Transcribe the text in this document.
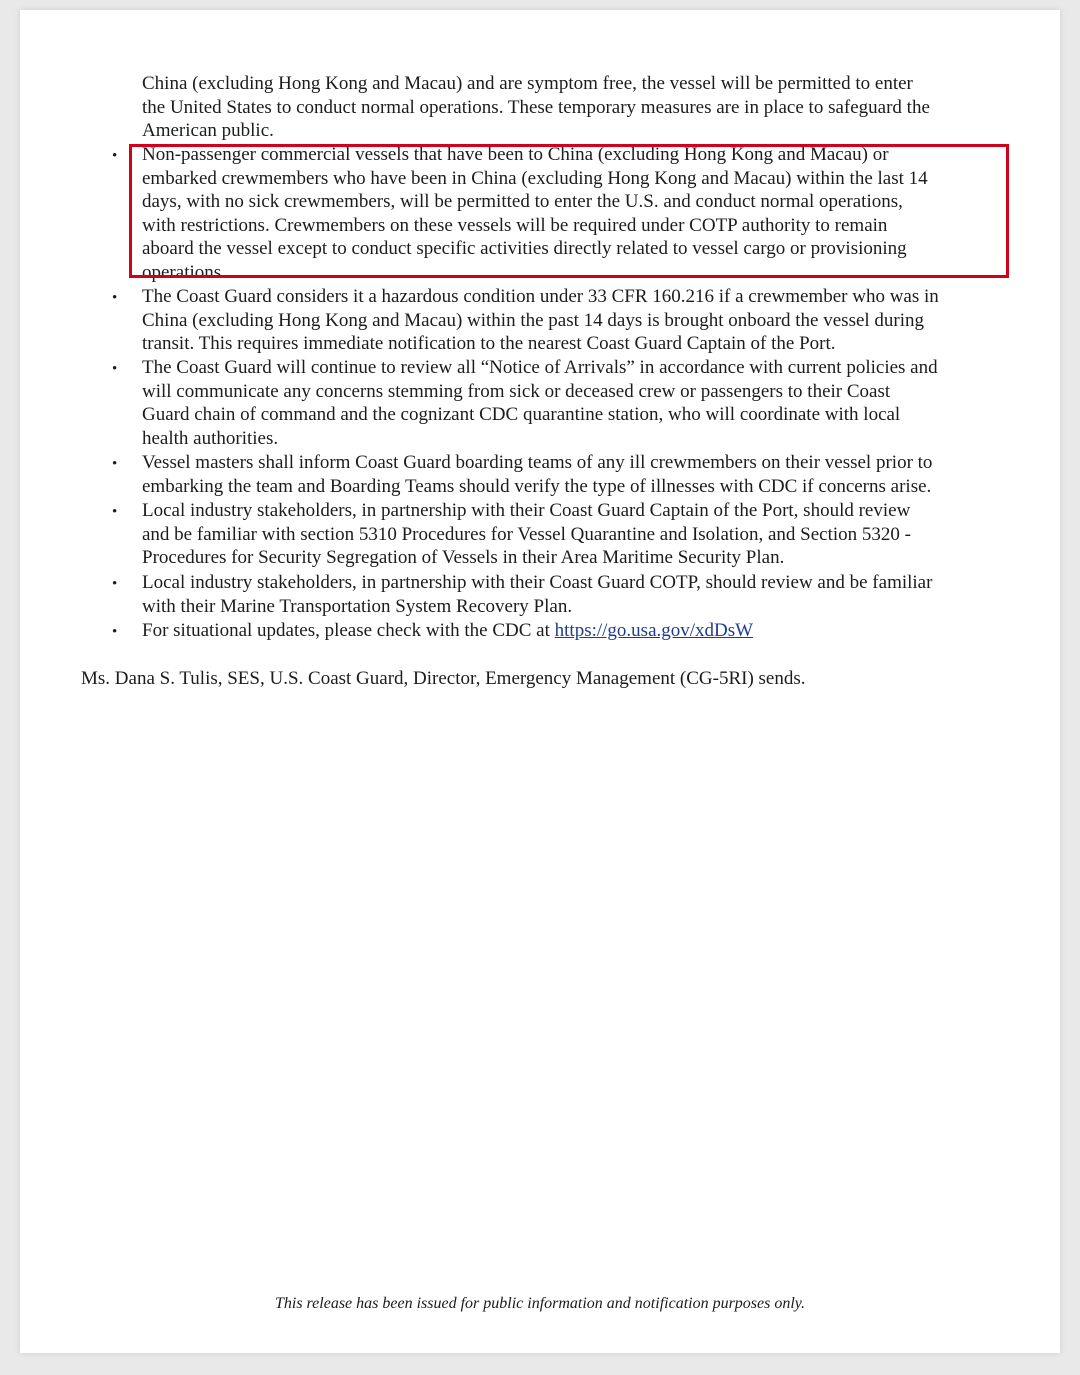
China (excluding Hong Kong and Macau) and are symptom free, the vessel will be permitted to enter
the United States to conduct normal operations. These temporary measures are in place to safeguard the
American public.
• Non-passenger commercial vessels that have been to China (excluding Hong Kong and Macau) or
embarked crewmembers who have been in China (excluding Hong Kong and Macau) within the last 14
days, with no sick crewmembers, will be permitted to enter the U.S. and conduct normal operations,
with restrictions. Crewmembers on these vessels will be required under COTP authority to remain
aboard the vessel except to conduct specific activities directly related to vessel cargo or provisioning
operations.
• The Coast Guard considers it a hazardous condition under 33 CFR 160.216 if a crewmember who was in
China (excluding Hong Kong and Macau) within the past 14 days is brought onboard the vessel during
transit. This requires immediate notification to the nearest Coast Guard Captain of the Port.
• The Coast Guard will continue to review all “Notice of Arrivals” in accordance with current policies and
will communicate any concerns stemming from sick or deceased crew or passengers to their Coast
Guard chain of command and the cognizant CDC quarantine station, who will coordinate with local
health authorities.
• Vessel masters shall inform Coast Guard boarding teams of any ill crewmembers on their vessel prior to
embarking the team and Boarding Teams should verify the type of illnesses with CDC if concerns arise.
• Local industry stakeholders, in partnership with their Coast Guard Captain of the Port, should review
and be familiar with section 5310 Procedures for Vessel Quarantine and Isolation, and Section 5320 -
Procedures for Security Segregation of Vessels in their Area Maritime Security Plan.
• Local industry stakeholders, in partnership with their Coast Guard COTP, should review and be familiar
with their Marine Transportation System Recovery Plan.
• For situational updates, please check with the CDC at https://go.usa.gov/xdDsW
Ms. Dana S. Tulis, SES, U.S. Coast Guard, Director, Emergency Management (CG-5RI) sends.
This release has been issued for public information and notification purposes only.
